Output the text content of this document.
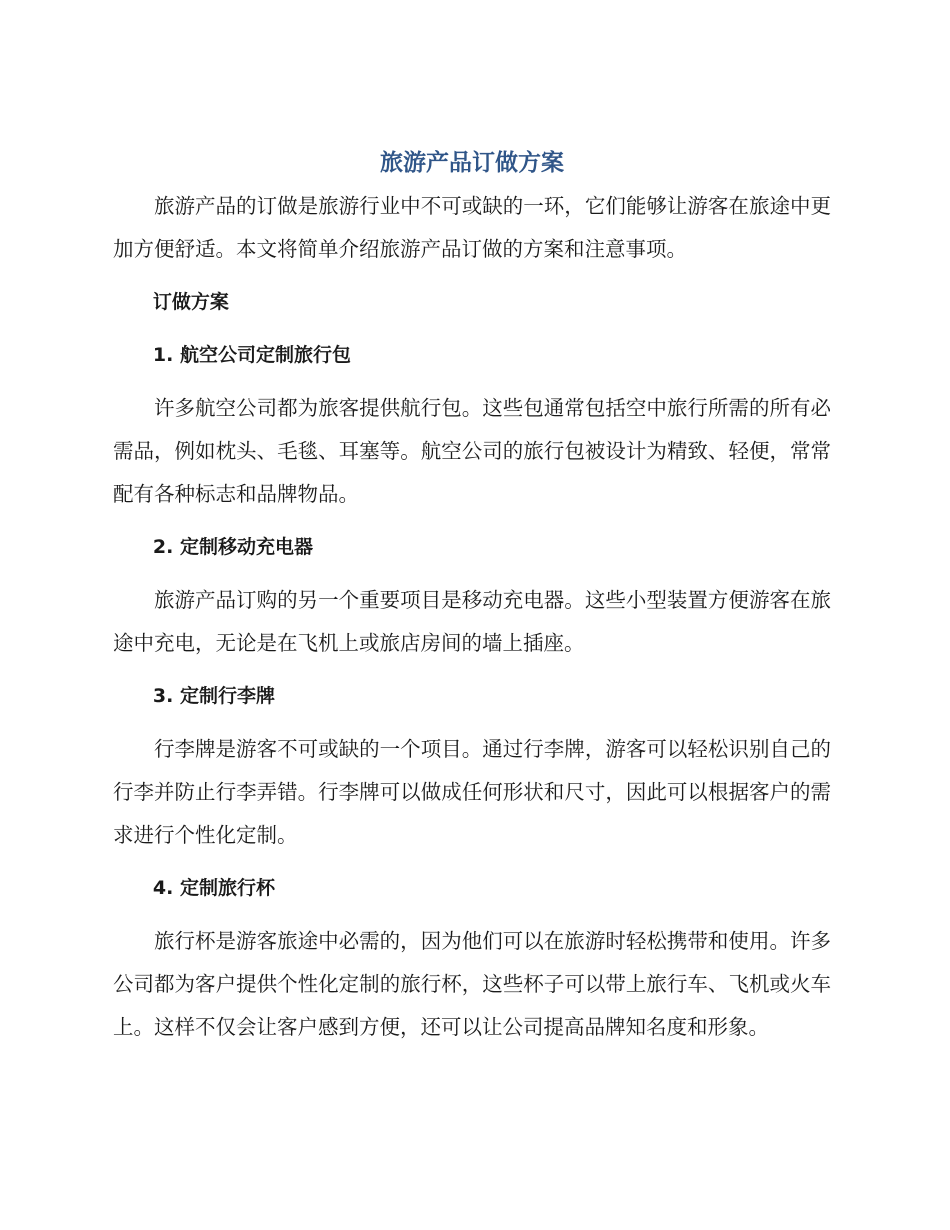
旅游产品订做方案

旅游产品的订做是旅游行业中不可或缺的一环，它们能够让游客在旅途中更加方便舒适。本文将简单介绍旅游产品订做的方案和注意事项。

订做方案
1. 航空公司定制旅行包

许多航空公司都为旅客提供航行包。这些包通常包括空中旅行所需的所有必需品，例如枕头、毛毯、耳塞等。航空公司的旅行包被设计为精致、轻便，常常配有各种标志和品牌物品。

2. 定制移动充电器

旅游产品订购的另一个重要项目是移动充电器。这些小型装置方便游客在旅途中充电，无论是在飞机上或旅店房间的墙上插座。

3. 定制行李牌

行李牌是游客不可或缺的一个项目。通过行李牌，游客可以轻松识别自己的行李并防止行李弄错。行李牌可以做成任何形状和尺寸，因此可以根据客户的需求进行个性化定制。

4. 定制旅行杯

旅行杯是游客旅途中必需的，因为他们可以在旅游时轻松携带和使用。许多公司都为客户提供个性化定制的旅行杯，这些杯子可以带上旅行车、飞机或火车上。这样不仅会让客户感到方便，还可以让公司提高品牌知名度和形象。
